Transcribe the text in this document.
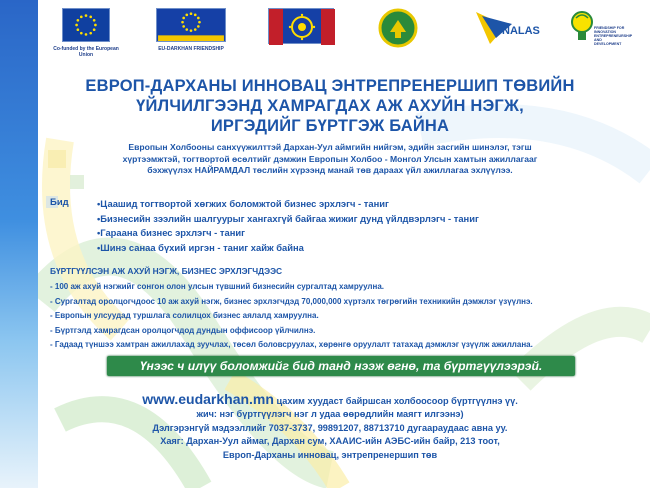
Co-funded by the European Union
EU-DARKHAN FRIENDSHIP
NALAS	FRIENDSHIP FOR INNOVATION ENTREPRENEURSHIP AND DEVELOPMENT
ЕВРОП-ДАРХАНЫ ИННОВАЦ ЭНТРЕПРЕНЕРШИП ТӨВИЙН
ҮЙЛЧИЛГЭЭНД ХАМРАГДАХ АЖ АХУЙН НЭГЖ,
ИРГЭДИЙГ БҮРТГЭЖ БАЙНА
Европын Холбооны санхүүжилттэй Дархан-Уул аймгийн нийгэм, эдийн засгийн шинэлэг, тэгш
хүртээмжтэй, тогтвортой өсөлтийг дэмжин Европын Холбоо - Монгол Улсын хамтын ажиллагааг
бэхжүүлэх НАЙРАМДАЛ төслийн хүрээнд манай төв дараах үйл ажиллагаа эхлүүлээ.
Бид	•Цаашид тогтвортой хөгжих боломжтой бизнес эрхлэгч - таниг
•Бизнесийн зээлийн шалгуурыг хангахгүй байгаа жижиг дунд үйлдвэрлэгч - таниг
•Гараана бизнес эрхлэгч - таниг
•Шинэ санаа бүхий иргэн - таниг хайж байна
БҮРТГҮҮЛСЭН АЖ АХУЙ НЭГЖ, БИЗНЕС ЭРХЛЭГЧДЭЭС
- 100 аж ахуй нэгжийг сонгон олон улсын түвшний бизнесийн сургалтад хамруулна.
- Сургалтад оролцогчдоос 10 аж ахуй нэгж, бизнес эрхлэгчдэд 70,000,000 хүртэлх төгрөгийн техникийн дэмжлэг үзүүлнэ.
- Европын улсуудад туршлага солилцох бизнес аялалд хамруулна.
- Бүртгэлд хамрагдсан оролцогчдод дундын оффисоор үйлчилнэ.
- Гадаад түншээ хамтран ажиллахад зуучлах, төсөл боловсруулах, хөрөнгө оруулалт татахад дэмжлэг үзүүлж ажиллана.
Үнээс ч илүү боломжийг бид танд нээж өгнө, та бүртгүүлээрэй.
www.eudarkhan.mn цахим хуудаст байршсан холбоосоор бүртгүүлнэ үү.
жич: нэг бүртгүүлэгч нэг л удаа өөрөдлийн маягт илгээнэ)
Дэлгэрэнгүй мэдээллийг 7037-3737, 99891207, 88713710 дугаараудаас авна уу.
Хаяг: Дархан-Уул аймаг, Дархан сум, ХААИС-ийн АЭБС-ийн байр, 213 тоот,
Европ-Дарханы инновац, энтрепренершип төв
